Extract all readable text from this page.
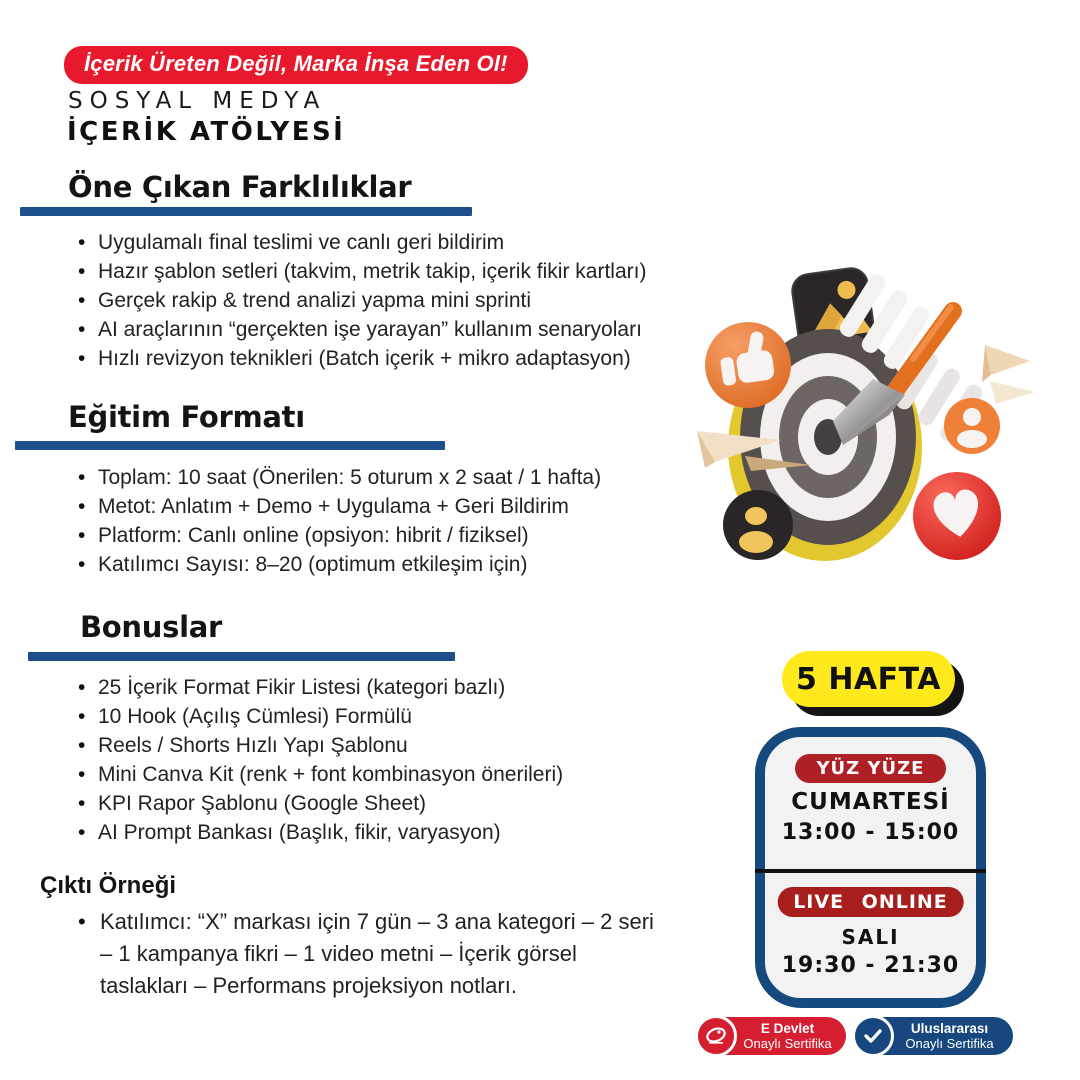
İçerik Üreten Değil, Marka İnşa Eden Ol!
SOSYAL MEDYA
İÇERİK ATÖLYESİ
Öne Çıkan Farklılıklar
• Uygulamalı final teslimi ve canlı geri bildirim
• Hazır şablon setleri (takvim, metrik takip, içerik fikir kartları)
• Gerçek rakip & trend analizi yapma mini sprinti
• AI araçlarının “gerçekten işe yarayan” kullanım senaryoları
• Hızlı revizyon teknikleri (Batch içerik + mikro adaptasyon)
Eğitim Formatı
• Toplam: 10 saat (Önerilen: 5 oturum x 2 saat / 1 hafta)
• Metot: Anlatım + Demo + Uygulama + Geri Bildirim
• Platform: Canlı online (opsiyon: hibrit / fiziksel)
• Katılımcı Sayısı: 8–20 (optimum etkileşim için)
Bonuslar
• 25 İçerik Format Fikir Listesi (kategori bazlı)
• 10 Hook (Açılış Cümlesi) Formülü
• Reels / Shorts Hızlı Yapı Şablonu
• Mini Canva Kit (renk + font kombinasyon önerileri)
• KPI Rapor Şablonu (Google Sheet)
• AI Prompt Bankası (Başlık, fikir, varyasyon)
Çıktı Örneği
• Katılımcı: “X” markası için 7 gün – 3 ana kategori – 2 seri – 1 kampanya fikri – 1 video metni – İçerik görsel taslakları – Performans projeksiyon notları.
5 HAFTA
YÜZ YÜZE
CUMARTESİ
13:00 - 15:00
LIVE ONLINE
SALI
19:30 - 21:30
E Devlet
Onaylı Sertifika
Uluslararası
Onaylı Sertifika
